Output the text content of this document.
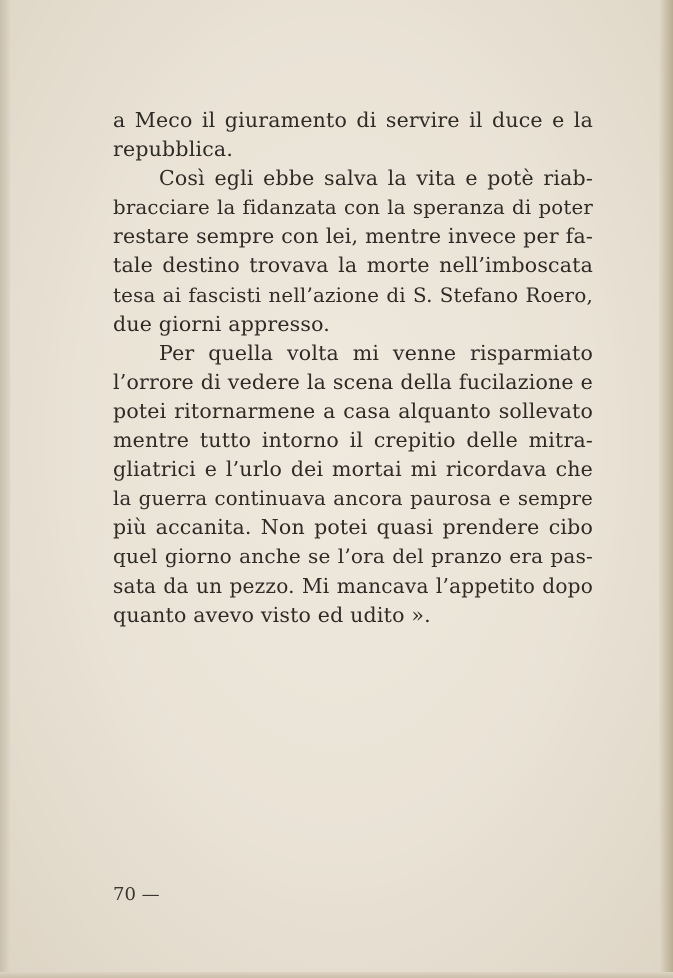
a Meco il giuramento di servire il duce e la
repubblica.
Così egli ebbe salva la vita e potè riab-
bracciare la fidanzata con la speranza di poter
restare sempre con lei, mentre invece per fa-
tale destino trovava la morte nell’imboscata
tesa ai fascisti nell’azione di S. Stefano Roero,
due giorni appresso.
Per quella volta mi venne risparmiato
l’orrore di vedere la scena della fucilazione e
potei ritornarmene a casa alquanto sollevato
mentre tutto intorno il crepitio delle mitra-
gliatrici e l’urlo dei mortai mi ricordava che
la guerra continuava ancora paurosa e sempre
più accanita. Non potei quasi prendere cibo
quel giorno anche se l’ora del pranzo era pas-
sata da un pezzo. Mi mancava l’appetito dopo
quanto avevo visto ed udito ».
70 —
